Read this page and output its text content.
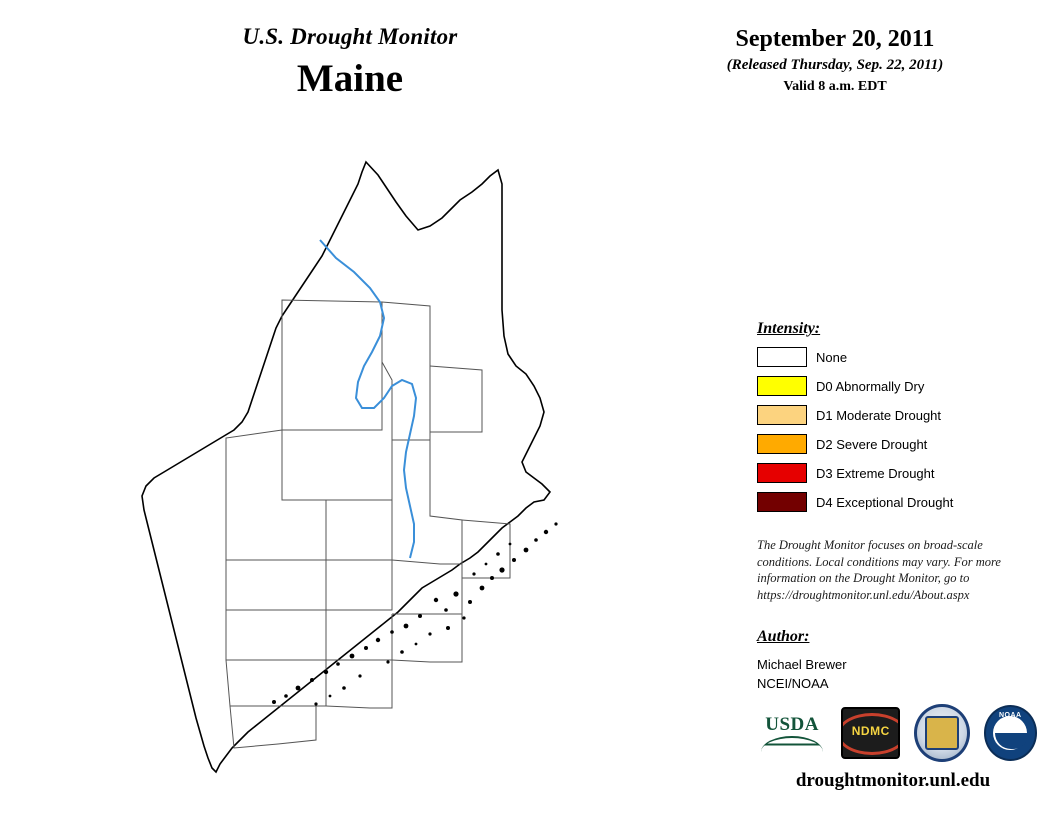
U.S. Drought Monitor
Maine
September 20, 2011
(Released Thursday, Sep. 22, 2011)
Valid 8 a.m. EDT
Intensity:
None
D0 Abnormally Dry
D1 Moderate Drought
D2 Severe Drought
D3 Extreme Drought
D4 Exceptional Drought
The Drought Monitor focuses on broad-scale conditions. Local conditions may vary. For more information on the Drought Monitor, go to https://droughtmonitor.unl.edu/About.aspx
Author:
Michael Brewer
NCEI/NOAA
USDA	NDMC
NOAA
droughtmonitor.unl.edu
